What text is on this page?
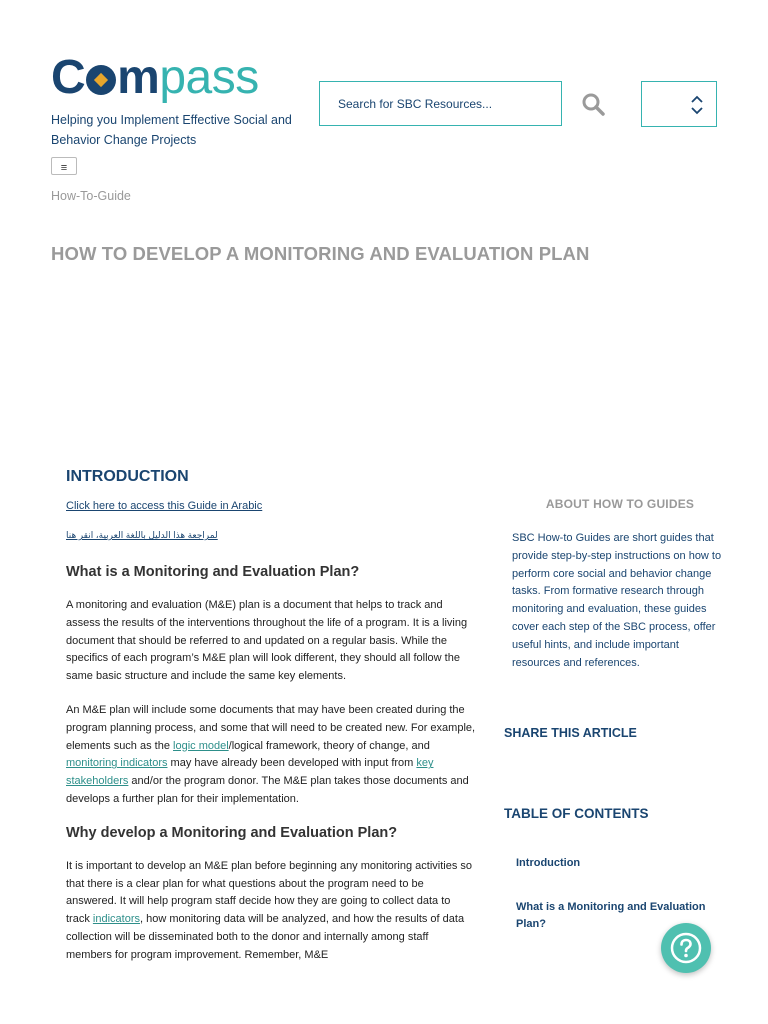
C mpass
Helping you Implement Effective Social and Behavior Change Projects
≡
Search for SBC Resources...
How-To-Guide
HOW TO DEVELOP A MONITORING AND EVALUATION PLAN
INTRODUCTION
Click here to access this Guide in Arabic
لمراجعة هذا الدليل باللغة العربية، انقر هنا
What is a Monitoring and Evaluation Plan?

A monitoring and evaluation (M&E) plan is a document that helps to track and assess the results of the interventions throughout the life of a program. It is a living document that should be referred to and updated on a regular basis. While the specifics of each program’s M&E plan will look different, they should all follow the same basic structure and include the same key elements.

An M&E plan will include some documents that may have been created during the program planning process, and some that will need to be created new. For example, elements such as the logic model/logical framework, theory of change, and monitoring indicators may have already been developed with input from key stakeholders and/or the program donor. The M&E plan takes those documents and develops a further plan for their implementation.

Why develop a Monitoring and Evaluation Plan?

It is important to develop an M&E plan before beginning any monitoring activities so that there is a clear plan for what questions about the program need to be answered. It will help program staff decide how they are going to collect data to track indicators, how monitoring data will be analyzed, and how the results of data collection will be disseminated both to the donor and internally among staff members for program improvement. Remember, M&E

ABOUT HOW TO GUIDES
SBC How-to Guides are short guides that provide step-by-step instructions on how to perform core social and behavior change tasks. From formative research through monitoring and evaluation, these guides cover each step of the SBC process, offer useful hints, and include important resources and references.
SHARE THIS ARTICLE
TABLE OF CONTENTS
Introduction
What is a Monitoring and Evaluation Plan?
